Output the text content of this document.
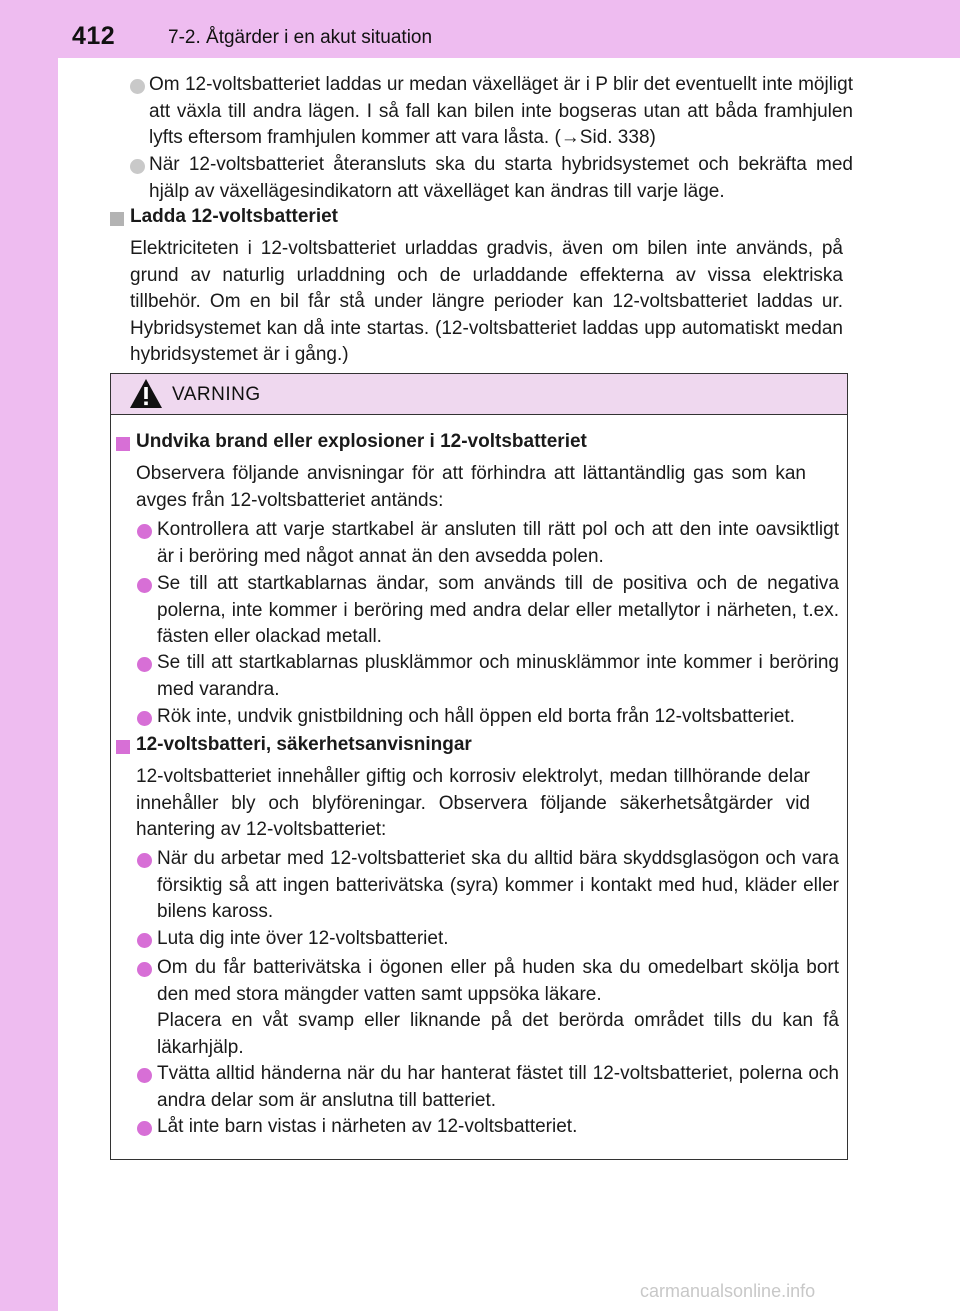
412	7-2. Åtgärder i en akut situation
Om 12-voltsbatteriet laddas ur medan växelläget är i P blir det eventuellt inte möjligt att växla till andra lägen. I så fall kan bilen inte bogseras utan att båda framhjulen lyfts eftersom framhjulen kommer att vara låsta. (→Sid. 338)
När 12-voltsbatteriet återansluts ska du starta hybridsystemet och bekräfta med hjälp av växellägesindikatorn att växelläget kan ändras till varje läge.
Ladda 12-voltsbatteriet
Elektriciteten i 12-voltsbatteriet urladdas gradvis, även om bilen inte används, på grund av naturlig urladdning och de urladdande effekterna av vissa elektriska tillbehör. Om en bil får stå under längre perioder kan 12-voltsbatteriet laddas ur. Hybridsystemet kan då inte startas. (12-voltsbatteriet laddas upp automatiskt medan hybridsystemet är i gång.)
VARNING
Undvika brand eller explosioner i 12-voltsbatteriet
Observera följande anvisningar för att förhindra att lättantändlig gas som kan avges från 12-voltsbatteriet antänds:
Kontrollera att varje startkabel är ansluten till rätt pol och att den inte oavsiktligt är i beröring med något annat än den avsedda polen.
Se till att startkablarnas ändar, som används till de positiva och de negativa polerna, inte kommer i beröring med andra delar eller metallytor i närheten, t.ex. fästen eller olackad metall.
Se till att startkablarnas plusklämmor och minusklämmor inte kommer i beröring med varandra.
Rök inte, undvik gnistbildning och håll öppen eld borta från 12-voltsbatteriet.
12-voltsbatteri, säkerhetsanvisningar
12-voltsbatteriet innehåller giftig och korrosiv elektrolyt, medan tillhörande delar innehåller bly och blyföreningar. Observera följande säkerhetsåtgärder vid hantering av 12-voltsbatteriet:
När du arbetar med 12-voltsbatteriet ska du alltid bära skyddsglasögon och vara försiktig så att ingen batterivätska (syra) kommer i kontakt med hud, kläder eller bilens kaross.
Luta dig inte över 12-voltsbatteriet.
Om du får batterivätska i ögonen eller på huden ska du omedelbart skölja bort den med stora mängder vatten samt uppsöka läkare.
Placera en våt svamp eller liknande på det berörda området tills du kan få läkarhjälp.
Tvätta alltid händerna när du har hanterat fästet till 12-voltsbatteriet, polerna och andra delar som är anslutna till batteriet.
Låt inte barn vistas i närheten av 12-voltsbatteriet.
carmanualsonline.info
